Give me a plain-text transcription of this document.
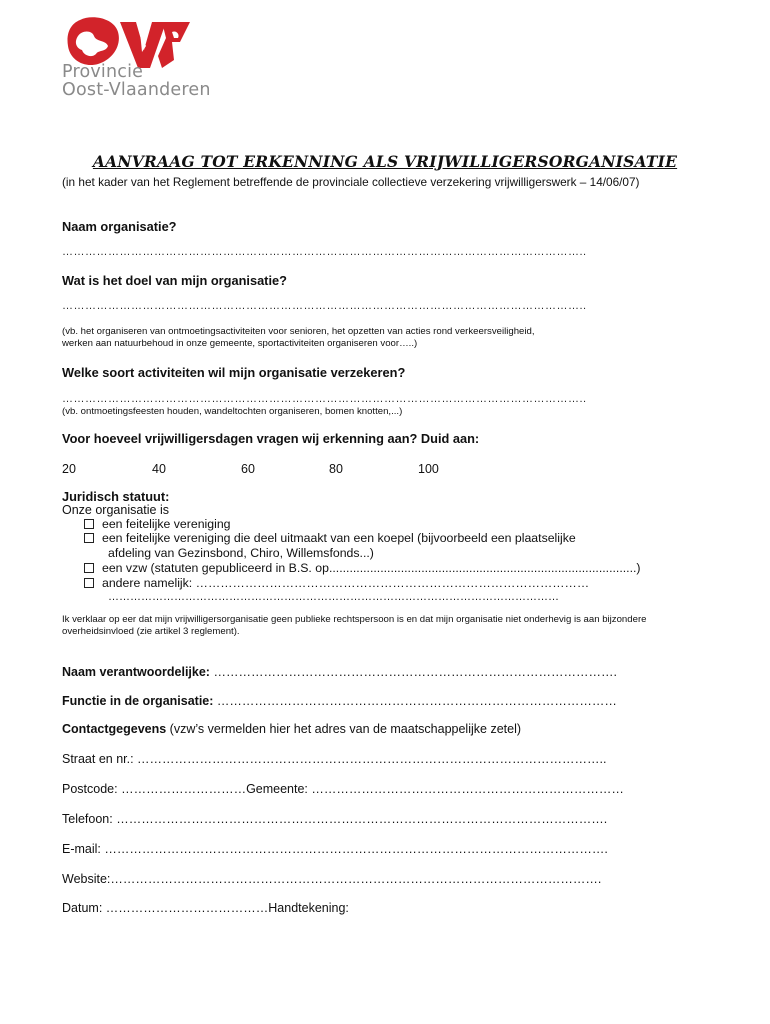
Provincie
Oost-Vlaanderen
AANVRAAG TOT ERKENNING ALS VRIJWILLIGERSORGANISATIE
(in het kader van het Reglement betreffende de provinciale collectieve verzekering vrijwilligerswerk – 14/06/07)
Naam organisatie?
………………………………………………………………………………………………………………………..
Wat is het doel van mijn organisatie?
………………………………………………………………………………………………………………………..
(vb. het organiseren van ontmoetingsactiviteiten voor senioren, het opzetten van acties rond verkeersveiligheid,
werken aan natuurbehoud in onze gemeente, sportactiviteiten organiseren voor…..)
Welke soort activiteiten wil mijn organisatie verzekeren?
………………………………………………………………………………………………………………………..
(vb. ontmoetingsfeesten houden, wandeltochten organiseren, bomen knotten,...)
Voor hoeveel vrijwilligersdagen vragen wij erkenning aan? Duid aan:
20	40	60	80	100
Juridisch statuut:
Onze organisatie is
een feitelijke vereniging
een feitelijke vereniging die deel uitmaakt van een koepel (bijvoorbeeld een plaatselijke
afdeling van Gezinsbond, Chiro, Willemsfonds...)
een vzw (statuten gepubliceerd in B.S. op..........................................................................................)
andere namelijk: ……………………………………………………………………………………
……………………………………………………………………………………………………………
Ik verklaar op eer dat mijn vrijwilligersorganisatie geen publieke rechtspersoon is en dat mijn organisatie niet onderhevig is aan bijzondere
overheidsinvloed (zie artikel 3 reglement).
Naam verantwoordelijke: …………………………………………………………………………………….
Functie in de organisatie: ……………………………………………………………………………………
Contactgegevens (vzw’s vermelden hier het adres van de maatschappelijke zetel)
Straat en nr.: …………………………………………………………………………………………………..
Postcode: …………………………Gemeente: …………………………………………………………………
Telefoon: ……………………………………………………………………………………………………….
E-mail: ………………………………………………………………………………………………………….
Website:……………………………………………………………………………………………………….
Datum: …………………………………Handtekening:
